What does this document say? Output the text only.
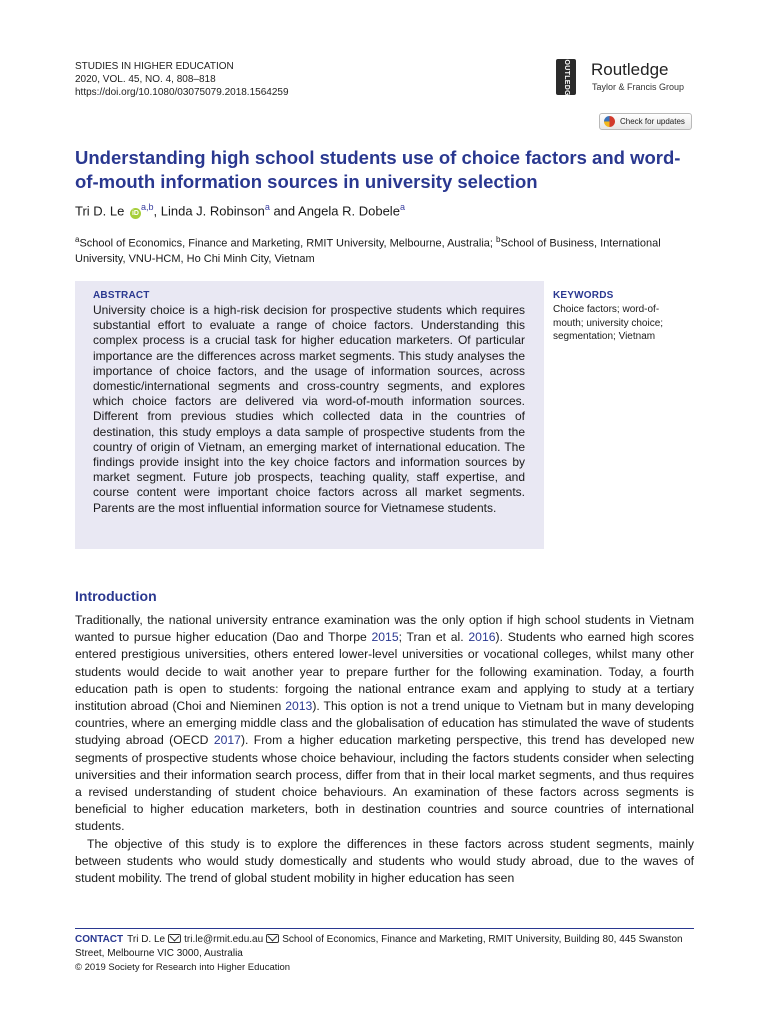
STUDIES IN HIGHER EDUCATION
2020, VOL. 45, NO. 4, 808–818
https://doi.org/10.1080/03075079.2018.1564259	ROUTLEDGE Routledge
Taylor & Francis Group
Check for updates
Understanding high school students use of choice factors and word-of-mouth information sources in university selection
Tri D. Le iD$^{a,b}$, Linda J. Robinson$^a$ and Angela R. Dobele$^a$
$^a$School of Economics, Finance and Marketing, RMIT University, Melbourne, Australia; $^b$School of Business, International University, VNU-HCM, Ho Chi Minh City, Vietnam
ABSTRACT
University choice is a high-risk decision for prospective students which requires substantial effort to evaluate a range of choice factors. Understanding this complex process is a crucial task for higher education marketers. Of particular importance are the differences across market segments. This study analyses the importance of choice factors, and the usage of information sources, across domestic/international segments and cross-country segments, and explores which choice factors are delivered via word-of-mouth information sources. Different from previous studies which collected data in the countries of destination, this study employs a data sample of prospective students from the country of origin of Vietnam, an emerging market of international education. The findings provide insight into the key choice factors and information sources by market segment. Future job prospects, teaching quality, staff expertise, and course content were important choice factors across all market segments. Parents are the most influential information source for Vietnamese students.
KEYWORDS
Choice factors; word-of-mouth; university choice; segmentation; Vietnam
Introduction

Traditionally, the national university entrance examination was the only option if high school students in Vietnam wanted to pursue higher education (Dao and Thorpe 2015; Tran et al. 2016). Students who earned high scores entered prestigious universities, others entered lower-level universities or vocational colleges, whilst many other students would decide to wait another year to prepare further for the following examination. Today, a fourth education path is open to students: forgoing the national entrance exam and applying to study at a tertiary institution abroad (Choi and Nieminen 2013). This option is not a trend unique to Vietnam but in many developing countries, where an emerging middle class and the globalisation of education has stimulated the wave of students studying abroad (OECD 2017). From a higher education marketing perspective, this trend has developed new segments of prospective students whose choice behaviour, including the factors students consider when selecting universities and their information search process, differ from that in their local market segments, and thus requires a revised understanding of student choice behaviours. An examination of these factors across segments is beneficial to higher education marketers, both in destination countries and source countries of international students.

The objective of this study is to explore the differences in these factors across student segments, mainly between students who would study domestically and students who would study abroad, due to the waves of student mobility. The trend of global student mobility in higher education has seen

CONTACT Tri D. Le tri.le@rmit.edu.au School of Economics, Finance and Marketing, RMIT University, Building 80, 445 Swanston Street, Melbourne VIC 3000, Australia
© 2019 Society for Research into Higher Education
